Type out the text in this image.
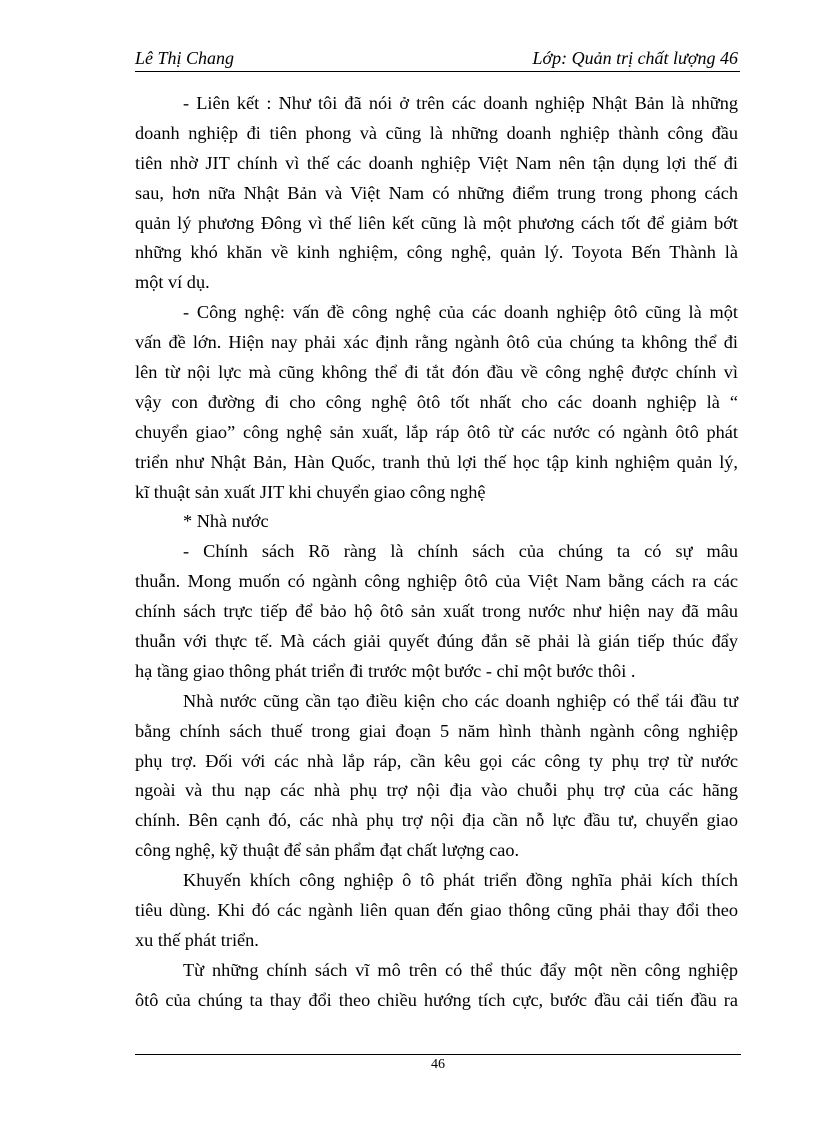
Lê Thị Chang	Lớp: Quản trị chất lượng 46
- Liên kết : Như tôi đã nói ở trên các doanh nghiệp Nhật Bản là những
doanh nghiệp đi tiên phong và cũng là những doanh nghiệp thành công đầu
tiên nhờ JIT chính vì thế các doanh nghiệp Việt Nam nên tận dụng lợi thế đi
sau, hơn nữa Nhật Bản và Việt Nam có những điểm trung trong phong cách
quản lý phương Đông vì thế liên kết cũng là một phương cách tốt để giảm bớt
những khó khăn về kinh nghiệm, công nghệ, quản lý. Toyota Bến Thành là
một ví dụ.
- Công nghệ: vấn đề công nghệ của các doanh nghiệp ôtô cũng là một
vấn đề lớn. Hiện nay phải xác định rằng ngành ôtô của chúng ta không thể đi
lên từ nội lực mà cũng không thể đi tắt đón đầu về công nghệ được chính vì
vậy con đường đi cho công nghệ ôtô tốt nhất cho các doanh nghiệp là “
chuyển giao” công nghệ sản xuất, lắp ráp ôtô từ các nước có ngành ôtô phát
triển như Nhật Bản, Hàn Quốc, tranh thủ lợi thế học tập kinh nghiệm quản lý,
kĩ thuật sản xuất JIT khi chuyển giao công nghệ
* Nhà nước
- Chính sách Rõ ràng là chính sách của chúng ta có sự mâu
thuẫn. Mong muốn có ngành công nghiệp ôtô của Việt Nam bằng cách ra các
chính sách trực tiếp để bảo hộ ôtô sản xuất trong nước như hiện nay đã mâu
thuẫn với thực tế. Mà cách giải quyết đúng đắn sẽ phải là gián tiếp thúc đẩy
hạ tầng giao thông phát triển đi trước một bước - chỉ một bước thôi .
Nhà nước cũng cần tạo điều kiện cho các doanh nghiệp có thể tái đầu tư
bằng chính sách thuế trong giai đoạn 5 năm hình thành ngành công nghiệp
phụ trợ. Đối với các nhà lắp ráp, cần kêu gọi các công ty phụ trợ từ nước
ngoài và thu nạp các nhà phụ trợ nội địa vào chuỗi phụ trợ của các hãng
chính. Bên cạnh đó, các nhà phụ trợ nội địa cần nỗ lực đầu tư, chuyển giao
công nghệ, kỹ thuật để sản phẩm đạt chất lượng cao.
Khuyến khích công nghiệp ô tô phát triển đồng nghĩa phải kích thích
tiêu dùng. Khi đó các ngành liên quan đến giao thông cũng phải thay đổi theo
xu thế phát triển.
Từ những chính sách vĩ mô trên có thể thúc đẩy một nền công nghiệp
ôtô của chúng ta thay đổi theo chiều hướng tích cực, bước đầu cải tiến đầu ra
46
